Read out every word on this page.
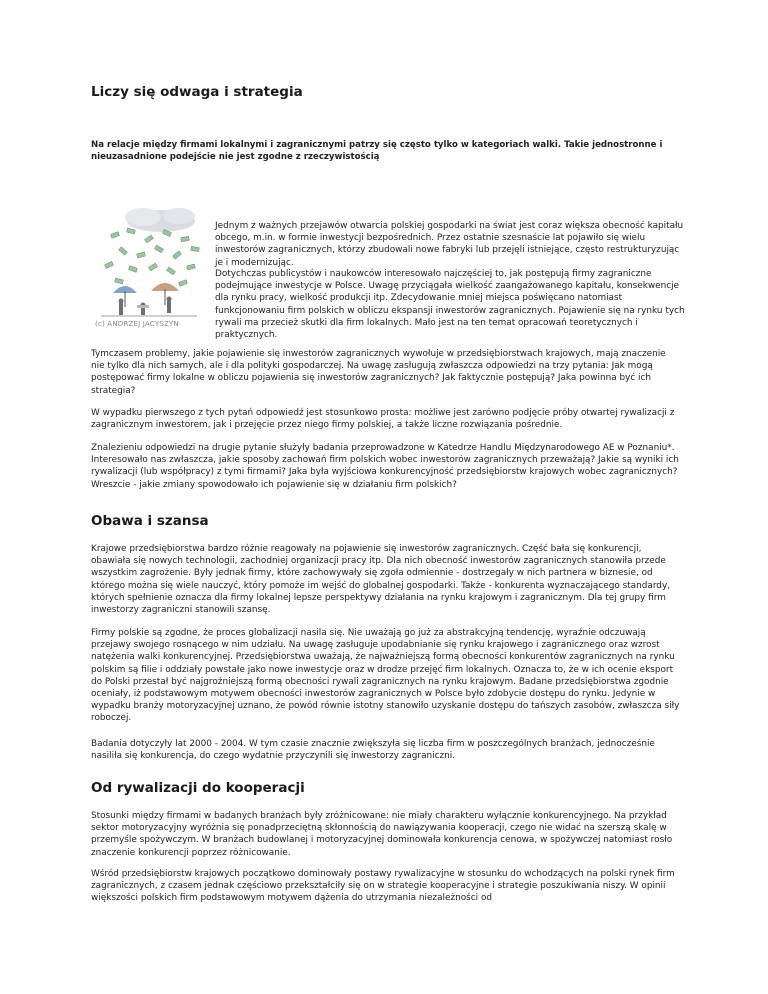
Liczy się odwaga i strategia

Na relacje między firmami lokalnymi i zagranicznymi patrzy się często tylko w kategoriach walki. Takie jednostronne i nieuzasadnione podejście nie jest zgodne z rzeczywistością

(c) ANDRZEJ JACYSZYN

Jednym z ważnych przejawów otwarcia polskiej gospodarki na świat jest coraz większa obecność kapitału obcego, m.in. w formie inwestycji bezpośrednich. Przez ostatnie szesnaście lat pojawiło się wielu inwestorów zagranicznych, którzy zbudowali nowe fabryki lub przejęli istniejące, często restrukturyzując je i modernizując.

Dotychczas publicystów i naukowców interesowało najczęściej to, jak postępują firmy zagraniczne podejmujące inwestycje w Polsce. Uwagę przyciągała wielkość zaangażowanego kapitału, konsekwencje dla rynku pracy, wielkość produkcji itp. Zdecydowanie mniej miejsca poświęcano natomiast funkcjonowaniu firm polskich w obliczu ekspansji inwestorów zagranicznych. Pojawienie się na rynku tych rywali ma przecież skutki dla firm lokalnych. Mało jest na ten temat opracowań teoretycznych i praktycznych.

Tymczasem problemy, jakie pojawienie się inwestorów zagranicznych wywołuje w przedsiębiorstwach krajowych, mają znaczenie nie tylko dla nich samych, ale i dla polityki gospodarczej. Na uwagę zasługują zwłaszcza odpowiedzi na trzy pytania: Jak mogą postępować firmy lokalne w obliczu pojawienia się inwestorów zagranicznych? Jak faktycznie postępują? Jaka powinna być ich strategia?

W wypadku pierwszego z tych pytań odpowiedź jest stosunkowo prosta: możliwe jest zarówno podjęcie próby otwartej rywalizacji z zagranicznym inwestorem, jak i przejęcie przez niego firmy polskiej, a także liczne rozwiązania pośrednie.

Znalezieniu odpowiedzi na drugie pytanie służyły badania przeprowadzone w Katedrze Handlu Międzynarodowego AE w Poznaniu*. Interesowało nas zwłaszcza, jakie sposoby zachowań firm polskich wobec inwestorów zagranicznych przeważają? Jakie są wyniki ich rywalizacji (lub współpracy) z tymi firmami? Jaka była wyjściowa konkurencyjność przedsiębiorstw krajowych wobec zagranicznych? Wreszcie - jakie zmiany spowodowało ich pojawienie się w działaniu firm polskich?

Obawa i szansa

Krajowe przedsiębiorstwa bardzo różnie reagowały na pojawienie się inwestorów zagranicznych. Część bała się konkurencji, obawiała się nowych technologii, zachodniej organizacji pracy itp. Dla nich obecność inwestorów zagranicznych stanowiła przede wszystkim zagrożenie. Były jednak firmy, które zachowywały się zgoła odmiennie - dostrzegały w nich partnera w biznesie, od którego można się wiele nauczyć, który pomoże im wejść do globalnej gospodarki. Także - konkurenta wyznaczającego standardy, których spełnienie oznacza dla firmy lokalnej lepsze perspektywy działania na rynku krajowym i zagranicznym. Dla tej grupy firm inwestorzy zagraniczni stanowili szansę.

Firmy polskie są zgodne, że proces globalizacji nasila się. Nie uważają go już za abstrakcyjną tendencję, wyraźnie odczuwają przejawy swojego rosnącego w nim udziału. Na uwagę zasługuje upodabnianie się rynku krajowego i zagranicznego oraz wzrost natężenia walki konkurencyjnej. Przedsiębiorstwa uważają, że najważniejszą formą obecności konkurentów zagranicznych na rynku polskim są filie i oddziały powstałe jako nowe inwestycje oraz w drodze przejęć firm lokalnych. Oznacza to, że w ich ocenie eksport do Polski przestał być najgroźniejszą formą obecności rywali zagranicznych na rynku krajowym. Badane przedsiębiorstwa zgodnie oceniały, iż podstawowym motywem obecności inwestorów zagranicznych w Polsce było zdobycie dostępu do rynku. Jedynie w wypadku branży motoryzacyjnej uznano, że powód równie istotny stanowiło uzyskanie dostępu do tańszych zasobów, zwłaszcza siły roboczej.

Badania dotyczyły lat 2000 - 2004. W tym czasie znacznie zwiększyła się liczba firm w poszczególnych branżach, jednocześnie nasiliła się konkurencja, do czego wydatnie przyczynili się inwestorzy zagraniczni.

Od rywalizacji do kooperacji

Stosunki między firmami w badanych branżach były zróżnicowane: nie miały charakteru wyłącznie konkurencyjnego. Na przykład sektor motoryzacyjny wyróżnia się ponadprzeciętną skłonnością do nawiązywania kooperacji, czego nie widać na szerszą skalę w przemyśle spożywczym. W branżach budowlanej i motoryzacyjnej dominowała konkurencja cenowa, w spożywczej natomiast rosło znaczenie konkurencji poprzez różnicowanie.

Wśród przedsiębiorstw krajowych początkowo dominowały postawy rywalizacyjne w stosunku do wchodzących na polski rynek firm zagranicznych, z czasem jednak częściowo przekształciły się on w strategie kooperacyjne i strategie poszukiwania niszy. W opinii większości polskich firm podstawowym motywem dążenia do utrzymania niezależności od
